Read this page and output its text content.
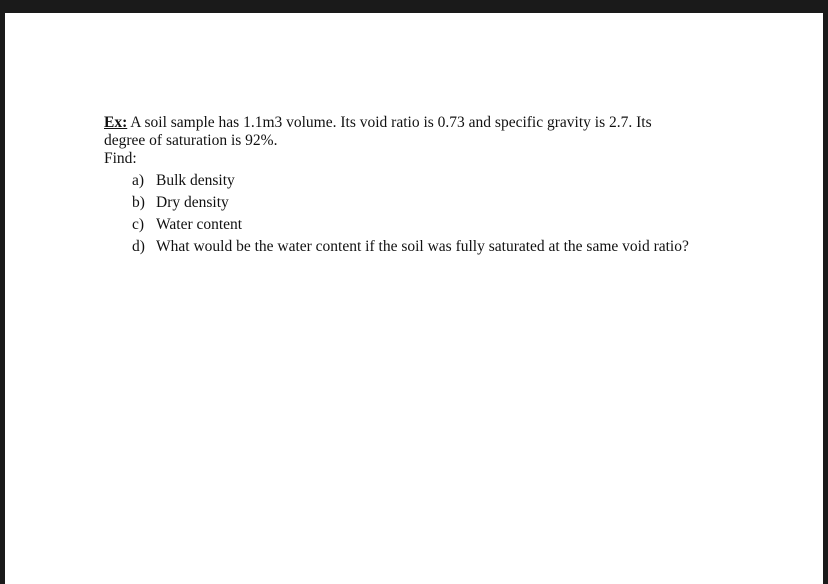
Ex: A soil sample has 1.1m3 volume. Its void ratio is 0.73 and specific gravity is 2.7. Its

degree of saturation is 92%.

Find:

a) Bulk density
b) Dry density
c) Water content
d) What would be the water content if the soil was fully saturated at the same void ratio?
